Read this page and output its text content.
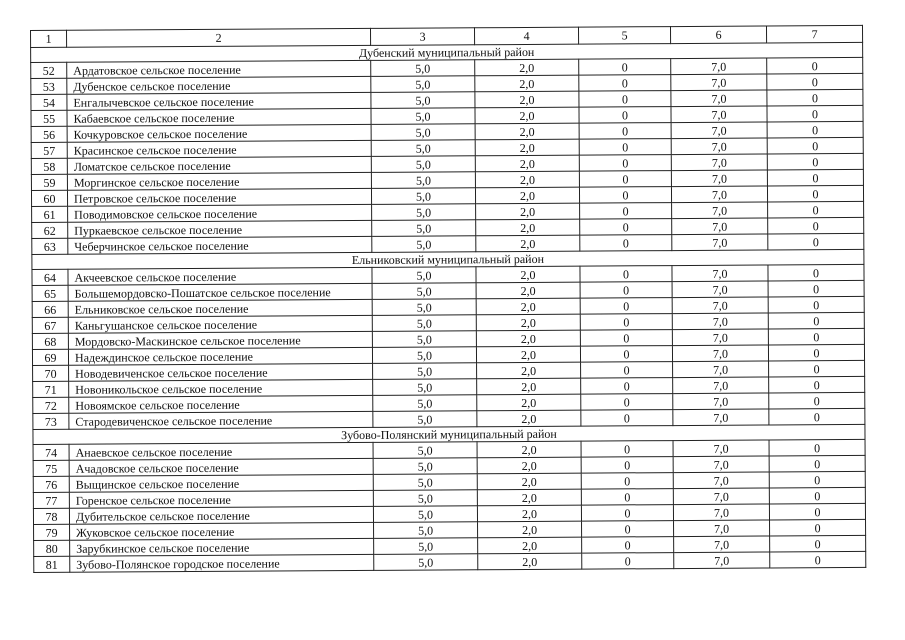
1	2	3	4	5	6	7
Дубенский муниципальный район						
52	Ардатовское сельское поселение	5,0	2,0	0	7,0	0
53	Дубенское сельское поселение	5,0	2,0	0	7,0	0
54	Енгалычевское сельское поселение	5,0	2,0	0	7,0	0
55	Кабаевское сельское поселение	5,0	2,0	0	7,0	0
56	Кочкуровское сельское поселение	5,0	2,0	0	7,0	0
57	Красинское сельское поселение	5,0	2,0	0	7,0	0
58	Ломатское сельское поселение	5,0	2,0	0	7,0	0
59	Моргинское сельское поселение	5,0	2,0	0	7,0	0
60	Петровское сельское поселение	5,0	2,0	0	7,0	0
61	Поводимовское сельское поселение	5,0	2,0	0	7,0	0
62	Пуркаевское сельское поселение	5,0	2,0	0	7,0	0
63	Чеберчинское сельское поселение	5,0	2,0	0	7,0	0
Ельниковский муниципальный район						
64	Акчеевское сельское поселение	5,0	2,0	0	7,0	0
65	Большемордовско-Пошатское сельское поселение	5,0	2,0	0	7,0	0
66	Ельниковское сельское поселение	5,0	2,0	0	7,0	0
67	Каньгушанское сельское поселение	5,0	2,0	0	7,0	0
68	Мордовско-Маскинское сельское поселение	5,0	2,0	0	7,0	0
69	Надеждинское сельское поселение	5,0	2,0	0	7,0	0
70	Новодевиченское сельское поселение	5,0	2,0	0	7,0	0
71	Новоникольское сельское поселение	5,0	2,0	0	7,0	0
72	Новоямское сельское поселение	5,0	2,0	0	7,0	0
73	Стародевиченское сельское поселение	5,0	2,0	0	7,0	0
Зубово-Полянский муниципальный район						
74	Анаевское сельское поселение	5,0	2,0	0	7,0	0
75	Ачадовское сельское поселение	5,0	2,0	0	7,0	0
76	Выщинское сельское поселение	5,0	2,0	0	7,0	0
77	Горенское сельское поселение	5,0	2,0	0	7,0	0
78	Дубительское сельское поселение	5,0	2,0	0	7,0	0
79	Жуковское сельское поселение	5,0	2,0	0	7,0	0
80	Зарубкинское сельское поселение	5,0	2,0	0	7,0	0
81	Зубово-Полянское городское поселение	5,0	2,0	0	7,0	0
